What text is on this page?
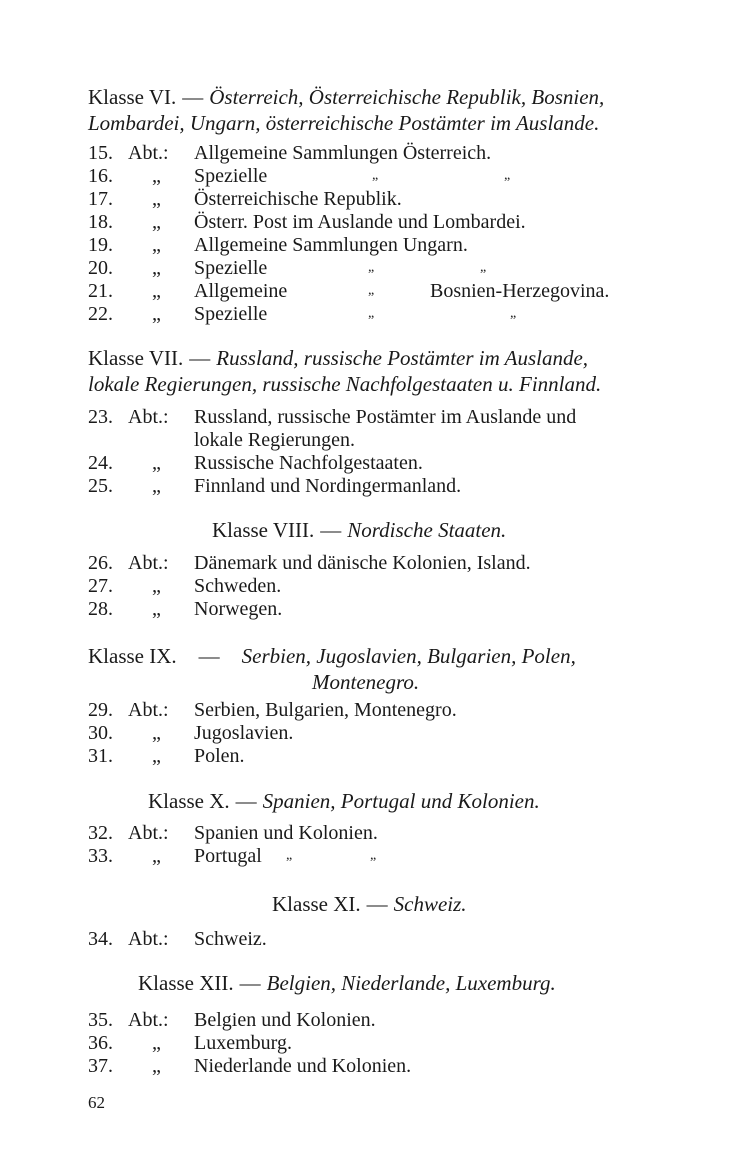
Klasse VI. — Österreich, Österreichische Republik, Bosnien,
Lombardei, Ungarn, österreichische Postämter im Auslande.
15. Abt.: Allgemeine Sammlungen Österreich.
16.	„ Spezielle	„	„
17.	„ Österreichische Republik.
18.	„ Österr. Post im Auslande und Lombardei.
19.	„ Allgemeine Sammlungen Ungarn.
20.	„ Spezielle	„	„
21.	„ Allgemeine	„	Bosnien-Herzegovina.
22.	„ Spezielle	„	„
Klasse VII. — Russland, russische Postämter im Auslande,
lokale Regierungen, russische Nachfolgestaaten u. Finnland.
23. Abt.: Russland, russische Postämter im Auslande und
lokale Regierungen.
24.	„ Russische Nachfolgestaaten.
25.	„ Finnland und Nordingermanland.
Klasse VIII. — Nordische Staaten.
26. Abt.: Dänemark und dänische Kolonien, Island.
27.	„ Schweden.
28.	„ Norwegen.
Klasse IX. — Serbien, Jugoslavien, Bulgarien, Polen,
Montenegro.
29. Abt.: Serbien, Bulgarien, Montenegro.
30.	„ Jugoslavien.
31.	„ Polen.
Klasse X. — Spanien, Portugal und Kolonien.
32. Abt.: Spanien und Kolonien.
33.	„ Portugal „	„
Klasse XI. — Schweiz.
34. Abt.: Schweiz.
Klasse XII. — Belgien, Niederlande, Luxemburg.
35. Abt.: Belgien und Kolonien.
36.	„ Luxemburg.
37.	„ Niederlande und Kolonien.
62
